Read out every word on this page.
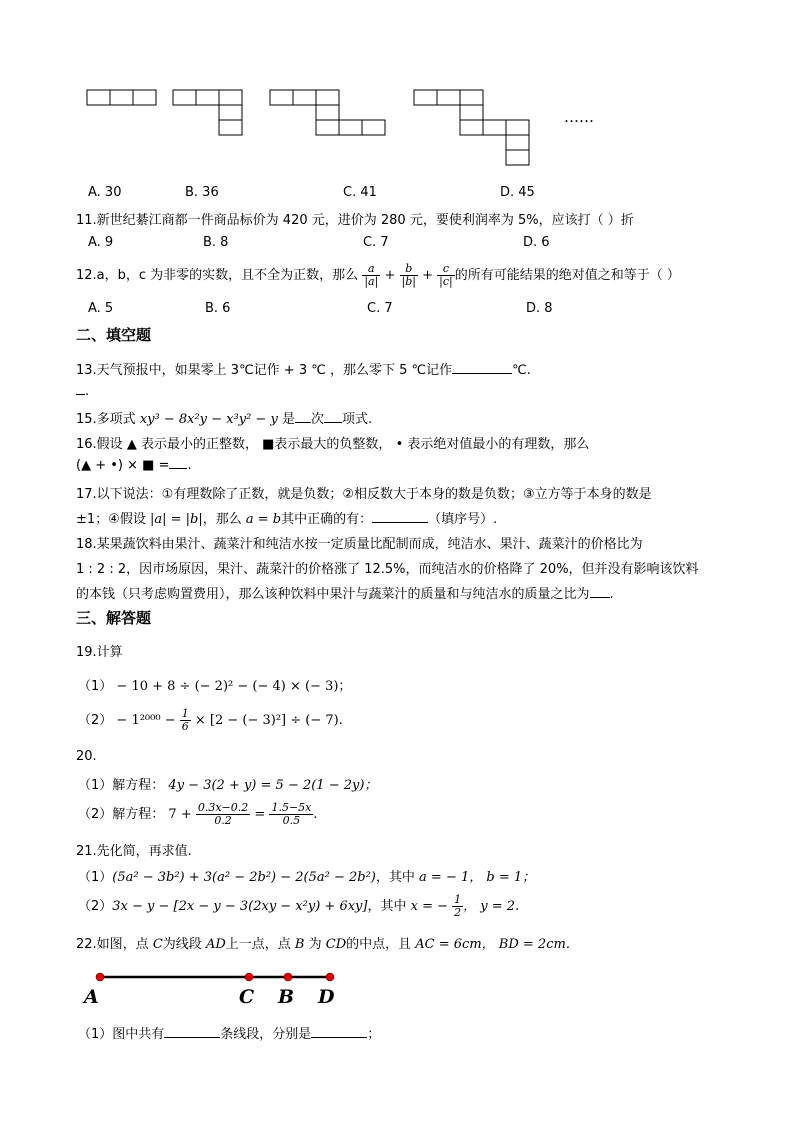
……
A. 30	B. 36	C. 41	D. 45
11.新世纪綦江商都一件商品标价为 420 元，进价为 280 元，要使利润率为 5%，应该打（ ）折
A. 9	B. 8	C. 7	D. 6
12.a，b，c 为非零的实数，且不全为正数，那么 $\frac{a}{|a|} + \frac{b}{|b|} + \frac{c}{|c|}$ 的所有可能结果的绝对值之和等于（ ）
A. 5	B. 6	C. 7	D. 8
二、填空题
13.天气预报中，如果零上 3℃记作 + 3 ℃ ，那么零下 5 ℃记作	℃.
.
15.多项式 xy³ − 8x²y − x³y² − y 是 次 项式.
16.假设 ▲ 表示最小的正整数， ■表示最大的负整数， • 表示绝对值最小的有理数，那么
(▲ + •) × ■ = .
17.以下说法：①有理数除了正数，就是负数；②相反数大于本身的数是负数；③立方等于本身的数是
±1；④假设 |a| = |b|，那么 a = b其中正确的有：	（填序号）.
18.某果蔬饮料由果汁、蔬菜汁和纯洁水按一定质量比配制而成，纯洁水、果汁、蔬菜汁的价格比为
1 : 2 : 2，因市场原因，果汁、蔬菜汁的价格涨了 12.5%，而纯洁水的价格降了 20%，但并没有影响该饮料
的本钱（只考虑购置费用），那么该种饮料中果汁与蔬菜汁的质量和与纯洁水的质量之比为 .
三、解答题
19.计算
（1） − 10 + 8 ÷ (− 2)² − (− 4) × (− 3)；
$(2) - 1^{2000} - \frac{1}{6} \times [2$ − (− 3)²] ÷ (− 7).
20.
（1）解方程： 4y − 3(2 + y) = 5 − 2(1 − 2y)；
（2）解方程： $7 + \frac{0.3x-0.2}{0.2} = \frac{1.5-5x}{0.5}$ .
21.先化简，再求值.
（1）(5a² − 3b²) + 3(a² − 2b²) − 2(5a² − 2b²)，其中 a = − 1， b = 1；
（2）3x − y − [2x − y − 3(2xy − x²y) + 6xy]，其中 x = − $\frac{1}{2}$ ， y = 2.
22.如图，点 C为线段 AD上一点，点 B 为 CD的中点，且 AC = 6cm， BD = 2cm.
A	C B D
（1）图中共有	条线段，分别是	；
